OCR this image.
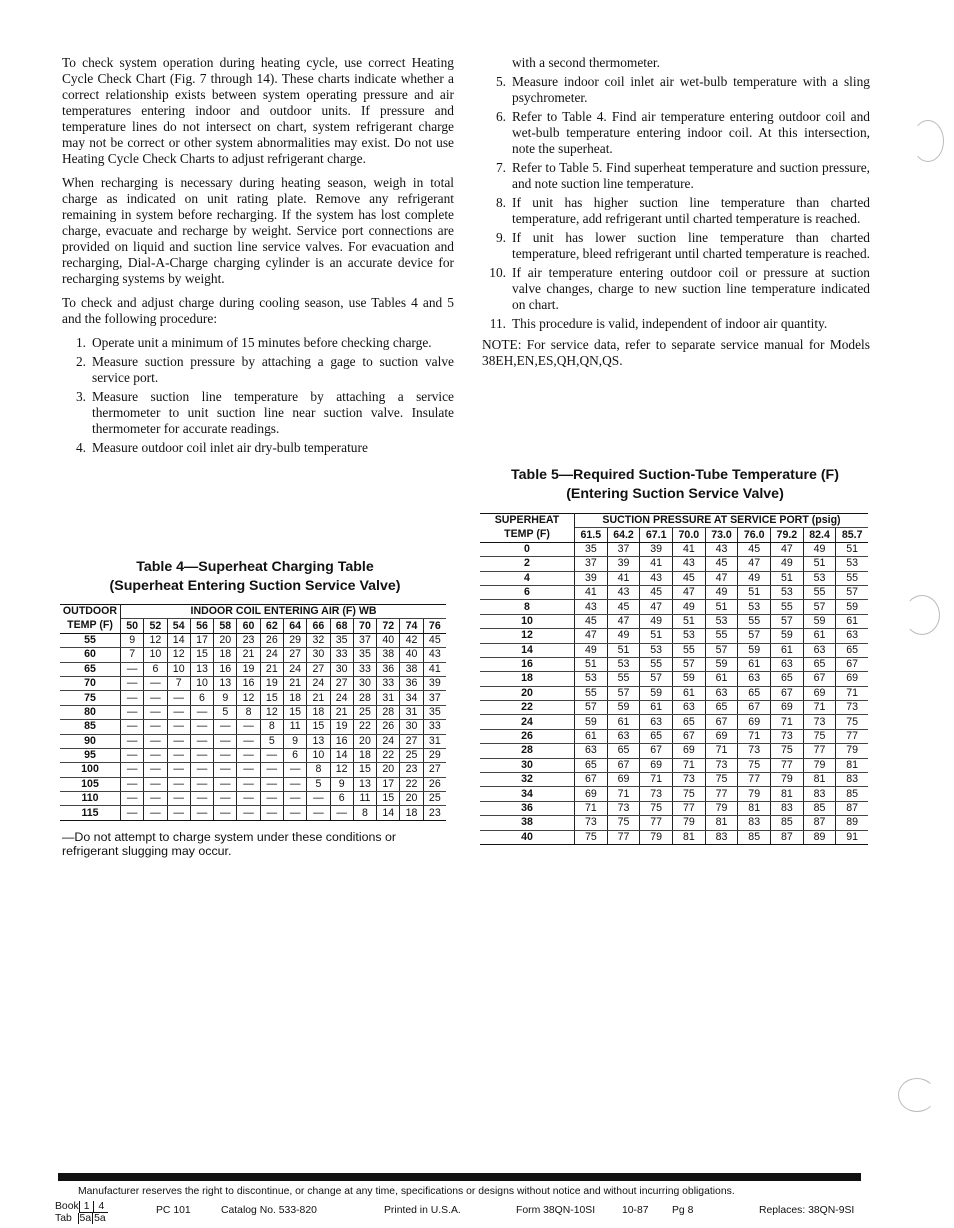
To check system operation during heating cycle, use correct Heating Cycle Check Chart (Fig. 7 through 14). These charts indicate whether a correct relationship exists between system operating pressure and air temperatures entering indoor and outdoor units. If pressure and temperature lines do not intersect on chart, system refrigerant charge may not be correct or other system abnormalities may exist. Do not use Heating Cycle Check Charts to adjust refrigerant charge.

When recharging is necessary during heating season, weigh in total charge as indicated on unit rating plate. Remove any refrigerant remaining in system before recharging. If the system has lost complete charge, evacuate and recharge by weight. Service port connections are provided on liquid and suction line service valves. For evacuation and recharging, Dial-A-Charge charging cylinder is an accurate device for recharging systems by weight.

To check and adjust charge during cooling season, use Tables 4 and 5 and the following procedure:

1. Operate unit a minimum of 15 minutes before checking charge.
2. Measure suction pressure by attaching a gage to suction valve service port.
3. Measure suction line temperature by attaching a service thermometer to unit suction line near suction valve. Insulate thermometer for accurate readings.
4. Measure outdoor coil inlet air dry-bulb temperature

with a second thermometer.

5. Measure indoor coil inlet air wet-bulb temperature with a sling psychrometer.
6. Refer to Table 4. Find air temperature entering outdoor coil and wet-bulb temperature entering indoor coil. At this intersection, note the superheat.
7. Refer to Table 5. Find superheat temperature and suction pressure, and note suction line temperature.
8. If unit has higher suction line temperature than charted temperature, add refrigerant until charted temperature is reached.
9. If unit has lower suction line temperature than charted temperature, bleed refrigerant until charted temperature is reached.
10. If air temperature entering outdoor coil or pressure at suction valve changes, charge to new suction line temperature indicated on chart.
11. This procedure is valid, independent of indoor air quantity.

NOTE: For service data, refer to separate service manual for Models 38EH,EN,ES,QH,QN,QS.

Table 4—Superheat Charging Table
(Superheat Entering Suction Service Valve)
OUTDOOR	INDOOR COIL ENTERING AIR (F) WB													
TEMP (F)	50	52	54	56	58	60	62	64	66	68	70	72	74	76
55	9	12	14	17	20	23	26	29	32	35	37	40	42	45
60	7	10	12	15	18	21	24	27	30	33	35	38	40	43
65	—	6	10	13	16	19	21	24	27	30	33	36	38	41
70	—	—	7	10	13	16	19	21	24	27	30	33	36	39
75	—	—	—	6	9	12	15	18	21	24	28	31	34	37
80	—	—	—	—	5	8	12	15	18	21	25	28	31	35
85	—	—	—	—	—	—	8	11	15	19	22	26	30	33
90	—	—	—	—	—	—	5	9	13	16	20	24	27	31
95	—	—	—	—	—	—	—	6	10	14	18	22	25	29
100	—	—	—	—	—	—	—	—	8	12	15	20	23	27
105	—	—	—	—	—	—	—	—	5	9	13	17	22	26
110	—	—	—	—	—	—	—	—	—	6	11	15	20	25
115	—	—	—	—	—	—	—	—	—	—	8	14	18	23
—Do not attempt to charge system under these conditions or refrigerant slugging may occur.
Table 5—Required Suction-Tube Temperature (F)
(Entering Suction Service Valve)
SUPERHEAT	SUCTION PRESSURE AT SERVICE PORT (psig)								
TEMP (F)	61.5	64.2	67.1	70.0	73.0	76.0	79.2	82.4	85.7
0	35	37	39	41	43	45	47	49	51
2	37	39	41	43	45	47	49	51	53
4	39	41	43	45	47	49	51	53	55
6	41	43	45	47	49	51	53	55	57
8	43	45	47	49	51	53	55	57	59
10	45	47	49	51	53	55	57	59	61
12	47	49	51	53	55	57	59	61	63
14	49	51	53	55	57	59	61	63	65
16	51	53	55	57	59	61	63	65	67
18	53	55	57	59	61	63	65	67	69
20	55	57	59	61	63	65	67	69	71
22	57	59	61	63	65	67	69	71	73
24	59	61	63	65	67	69	71	73	75
26	61	63	65	67	69	71	73	75	77
28	63	65	67	69	71	73	75	77	79
30	65	67	69	71	73	75	77	79	81
32	67	69	71	73	75	77	79	81	83
34	69	71	73	75	77	79	81	83	85
36	71	73	75	77	79	81	83	85	87
38	73	75	77	79	81	83	85	87	89
40	75	77	79	81	83	85	87	89	91
Manufacturer reserves the right to discontinue, or change at any time, specifications or designs without notice and without incurring obligations.
Book 1 4
Tab 5a 5a
PC 101	Catalog No. 533-820	Printed in U.S.A.	Form 38QN-10SI	10-87 Pg 8	Replaces: 38QN-9SI
